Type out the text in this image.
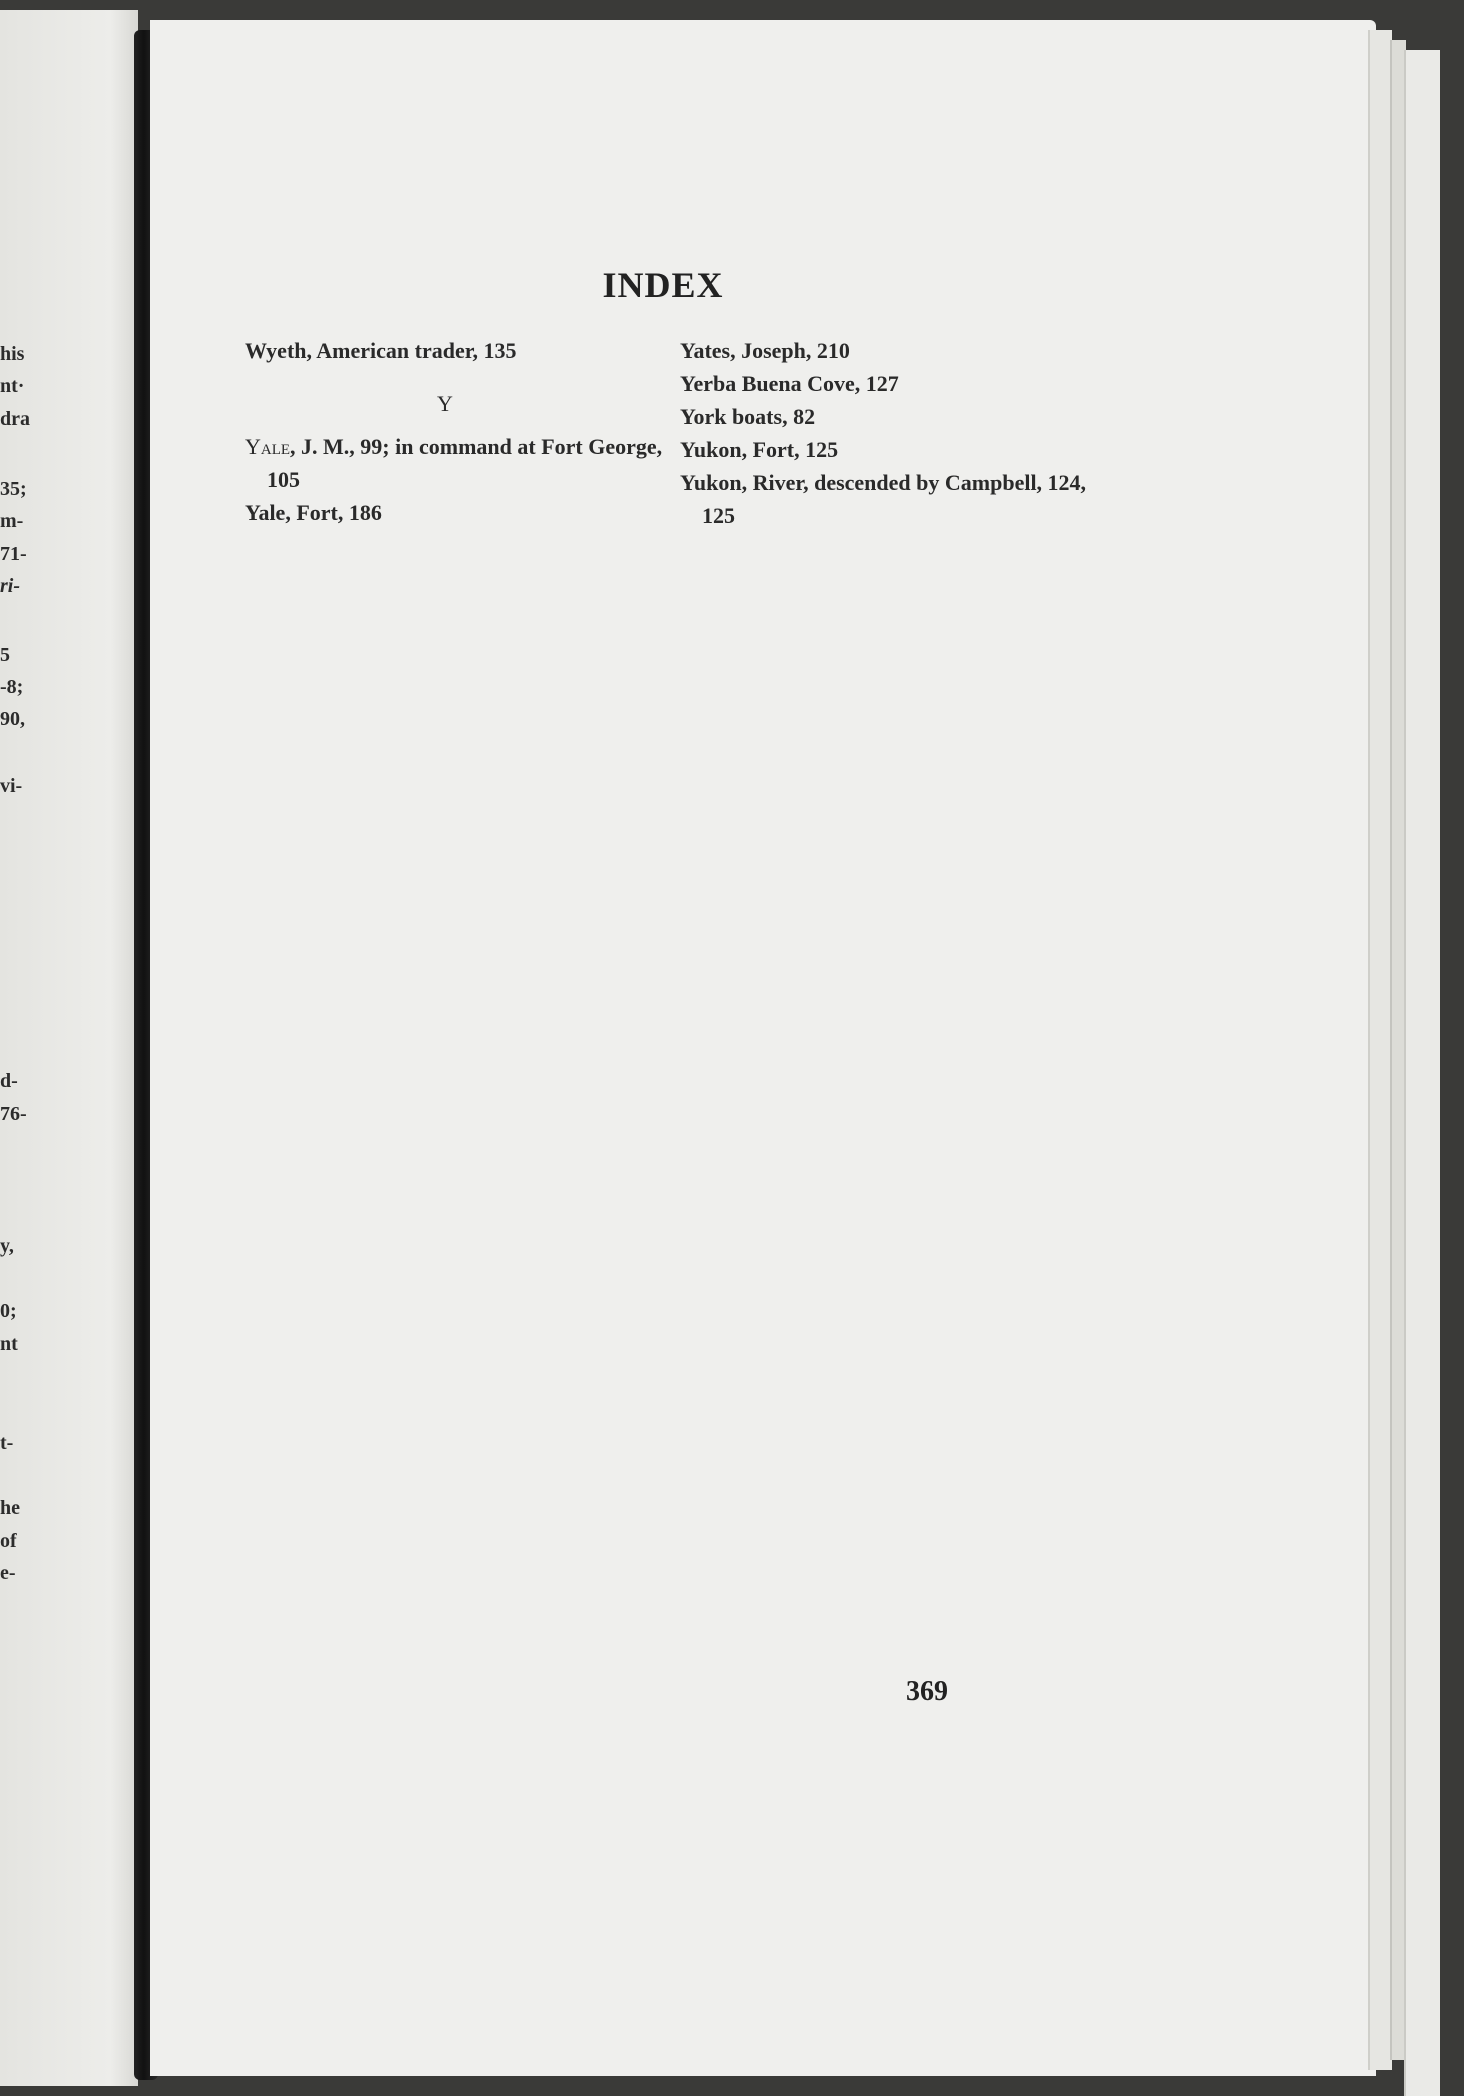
his
nt·
dra
35;
m-
71-
ri-
5
-8;
90,
vi-
d-
76-
y,
0;
nt
t-
he
of
e-
INDEX

Wyeth, American trader, 135

Y

Yale, J. M., 99; in command at Fort George, 105

Yale, Fort, 186

Yates, Joseph, 210

Yerba Buena Cove, 127

York boats, 82

Yukon, Fort, 125

Yukon, River, descended by Campbell, 124, 125

369
